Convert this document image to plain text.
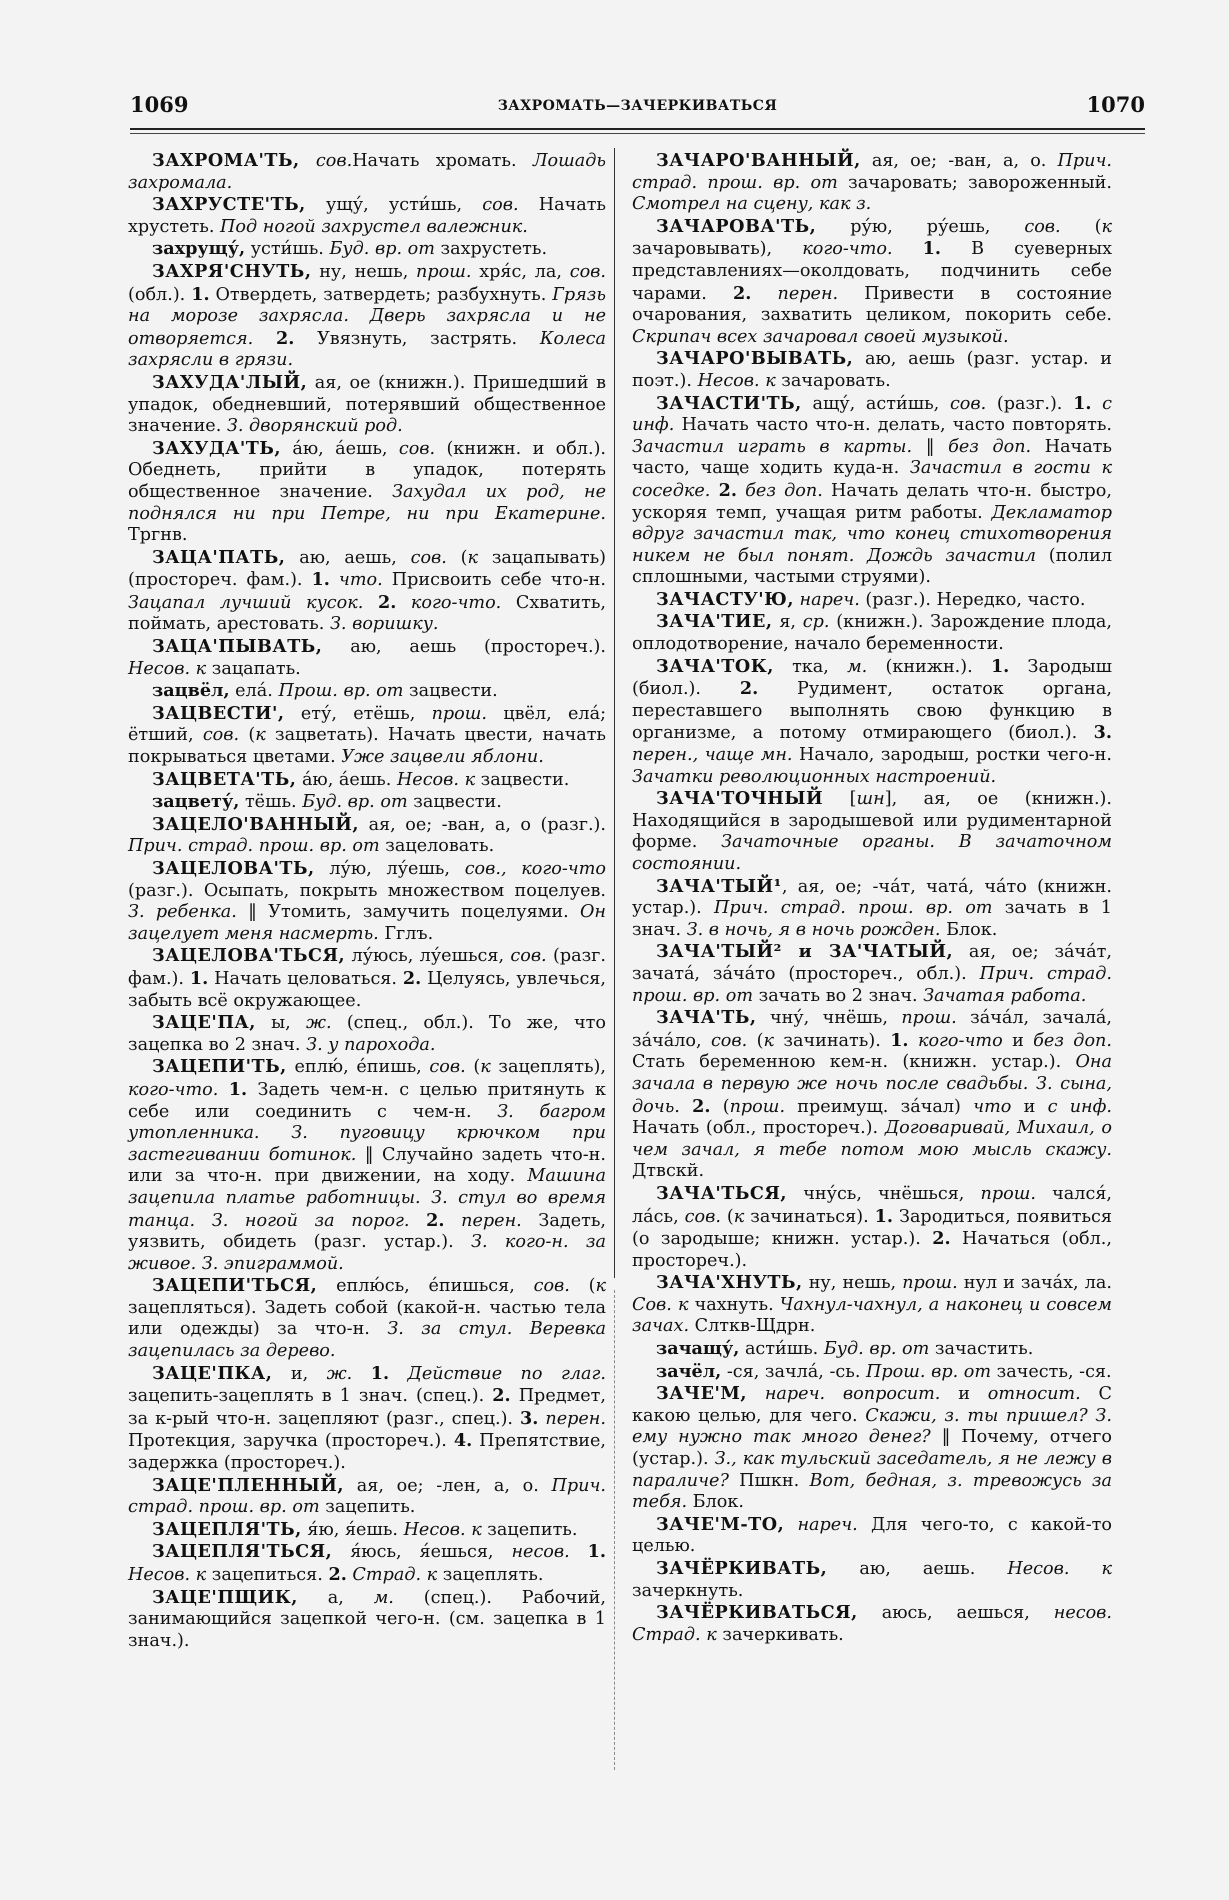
1069	ЗАХРОМАТЬ—ЗАЧЕРКИВАТЬСЯ	1070

ЗАХРОМА'ТЬ, сов.Начать хромать. Лошадь захромала.

ЗАХРУСТЕ'ТЬ, ущу́, усти́шь, сов. Начать хрустеть. Под ногой захрустел валежник.

захрущу́, усти́шь. Буд. вр. от захрустеть.

ЗАХРЯ'СНУТЬ, ну, нешь, прош. хря́с, ла, сов. (обл.). 1. Отвердеть, затвердеть; разбухнуть. Грязь на морозе захрясла. Дверь захрясла и не отворяется. 2. Увязнуть, застрять. Колеса захрясли в грязи.

ЗАХУДА'ЛЫЙ, ая, ое (книжн.). Пришедший в упадок, обедневший, потерявший общественное значение. З. дворянский род.

ЗАХУДА'ТЬ, а́ю, а́ешь, сов. (книжн. и обл.). Обеднеть, прийти в упадок, потерять общественное значение. Захудал их род, не поднялся ни при Петре, ни при Екатерине. Тргнв.

ЗАЦА'ПАТЬ, аю, аешь, сов. (к зацапывать) (простореч. фам.). 1. что. Присвоить себе что-н. Зацапал лучший кусок. 2. кого-что. Схватить, поймать, арестовать. З. воришку.

ЗАЦА'ПЫВАТЬ, аю, аешь (простореч.). Несов. к зацапать.

зацвёл, ела́. Прош. вр. от зацвести.

ЗАЦВЕСТИ', ету́, етёшь, прош. цвёл, ела́; ётший, сов. (к зацветать). Начать цвести, начать покрываться цветами. Уже зацвели яблони.

ЗАЦВЕТА'ТЬ, а́ю, а́ешь. Несов. к зацвести.

зацвету́, тёшь. Буд. вр. от зацвести.

ЗАЦЕЛО'ВАННЫЙ, ая, ое; -ван, а, о (разг.). Прич. страд. прош. вр. от зацеловать.

ЗАЦЕЛОВА'ТЬ, лу́ю, лу́ешь, сов., кого-что (разг.). Осыпать, покрыть множеством поцелуев. З. ребенка. ‖ Утомить, замучить поцелуями. Он зацелует меня насмерть. Гглъ.

ЗАЦЕЛОВА'ТЬСЯ, лу́юсь, лу́ешься, сов. (разг. фам.). 1. Начать целоваться. 2. Целуясь, увлечься, забыть всё окружающее.

ЗАЦЕ'ПА, ы, ж. (спец., обл.). То же, что зацепка во 2 знач. З. у парохода.

ЗАЦЕПИ'ТЬ, еплю́, е́пишь, сов. (к зацеплять), кого-что. 1. Задеть чем-н. с целью притянуть к себе или соединить с чем-н. З. багром утопленника. З. пуговицу крючком при застегивании ботинок. ‖ Случайно задеть что-н. или за что-н. при движении, на ходу. Машина зацепила платье работницы. З. стул во время танца. З. ногой за порог. 2. перен. Задеть, уязвить, обидеть (разг. устар.). З. кого-н. за живое. З. эпиграммой.

ЗАЦЕПИ'ТЬСЯ, еплю́сь, е́пишься, сов. (к зацепляться). Задеть собой (какой-н. частью тела или одежды) за что-н. З. за стул. Веревка зацепилась за дерево.

ЗАЦЕ'ПКА, и, ж. 1. Действие по глаг. зацепить-зацеплять в 1 знач. (спец.). 2. Предмет, за к-рый что-н. зацепляют (разг., спец.). 3. перен. Протекция, заручка (простореч.). 4. Препятствие, задержка (простореч.).

ЗАЦЕ'ПЛЕННЫЙ, ая, ое; -лен, а, о. Прич. страд. прош. вр. от зацепить.

ЗАЦЕПЛЯ'ТЬ, я́ю, я́ешь. Несов. к зацепить.

ЗАЦЕПЛЯ'ТЬСЯ, я́юсь, я́ешься, несов. 1. Несов. к зацепиться. 2. Страд. к зацеплять.

ЗАЦЕ'ПЩИК, а, м. (спец.). Рабочий, занимающийся зацепкой чего-н. (см. зацепка в 1 знач.).

ЗАЧАРО'ВАННЫЙ, ая, ое; -ван, а, о. Прич. страд. прош. вр. от зачаровать; завороженный. Смотрел на сцену, как з.

ЗАЧАРОВА'ТЬ, ру́ю, ру́ешь, сов. (к зачаровывать), кого-что. 1. В суеверных представлениях—околдовать, подчинить себе чарами. 2. перен. Привести в состояние очарования, захватить целиком, покорить себе. Скрипач всех зачаровал своей музыкой.

ЗАЧАРО'ВЫВАТЬ, аю, аешь (разг. устар. и поэт.). Несов. к зачаровать.

ЗАЧАСТИ'ТЬ, ащу́, асти́шь, сов. (разг.). 1. с инф. Начать часто что-н. делать, часто повторять. Зачастил играть в карты. ‖ без доп. Начать часто, чаще ходить куда-н. Зачастил в гости к соседке. 2. без доп. Начать делать что-н. быстро, ускоряя темп, учащая ритм работы. Декламатор вдруг зачастил так, что конец стихотворения никем не был понят. Дождь зачастил (полил сплошными, частыми струями).

ЗАЧАСТУ'Ю, нареч. (разг.). Нередко, часто.

ЗАЧА'ТИЕ, я, ср. (книжн.). Зарождение плода, оплодотворение, начало беременности.

ЗАЧА'ТОК, тка, м. (книжн.). 1. Зародыш (биол.). 2. Рудимент, остаток органа, переставшего выполнять свою функцию в организме, а потому отмирающего (биол.). 3. перен., чаще мн. Начало, зародыш, ростки чего-н. Зачатки революционных настроений.

ЗАЧА'ТОЧНЫЙ [шн], ая, ое (книжн.). Находящийся в зародышевой или рудиментарной форме. Зачаточные органы. В зачаточном состоянии.

ЗАЧА'ТЫЙ¹, ая, ое; -ча́т, чата́, ча́то (книжн. устар.). Прич. страд. прош. вр. от зачать в 1 знач. З. в ночь, я в ночь рожден. Блок.

ЗАЧА'ТЫЙ² и ЗА'ЧАТЫЙ, ая, ое; за́ча́т, зачата́, за́ча́то (простореч., обл.). Прич. страд. прош. вр. от зачать во 2 знач. Зачатая работа.

ЗАЧА'ТЬ, чну́, чнёшь, прош. за́ча́л, зачала́, за́ча́ло, сов. (к зачинать). 1. кого-что и без доп. Стать беременною кем-н. (книжн. устар.). Она зачала в первую же ночь после свадьбы. З. сына, дочь. 2. (прош. преимущ. за́чал) что и с инф. Начать (обл., простореч.). Договаривай, Михаил, о чем зачал, я тебе потом мою мысль скажу. Дтвскй.

ЗАЧА'ТЬСЯ, чну́сь, чнёшься, прош. чался́, ла́сь, сов. (к зачинаться). 1. Зародиться, появиться (о зародыше; книжн. устар.). 2. Начаться (обл., простореч.).

ЗАЧА'ХНУТЬ, ну, нешь, прош. нул и зача́х, ла. Сов. к чахнуть. Чахнул-чахнул, а наконец и совсем зачах. Слткв-Щдрн.

зачащу́, асти́шь. Буд. вр. от зачастить.

зачёл, -ся, зачла́, -сь. Прош. вр. от зачесть, -ся.

ЗАЧЕ'М, нареч. вопросит. и относит. С какою целью, для чего. Скажи, з. ты пришел? З. ему нужно так много денег? ‖ Почему, отчего (устар.). З., как тульский заседатель, я не лежу в параличе? Пшкн. Вот, бедная, з. тревожусь за тебя. Блок.

ЗАЧЕ'М-ТО, нареч. Для чего-то, с какой-то целью.

ЗАЧЁРКИВАТЬ, аю, аешь. Несов. к зачеркнуть.

ЗАЧЁРКИВАТЬСЯ, аюсь, аешься, несов. Страд. к зачеркивать.
